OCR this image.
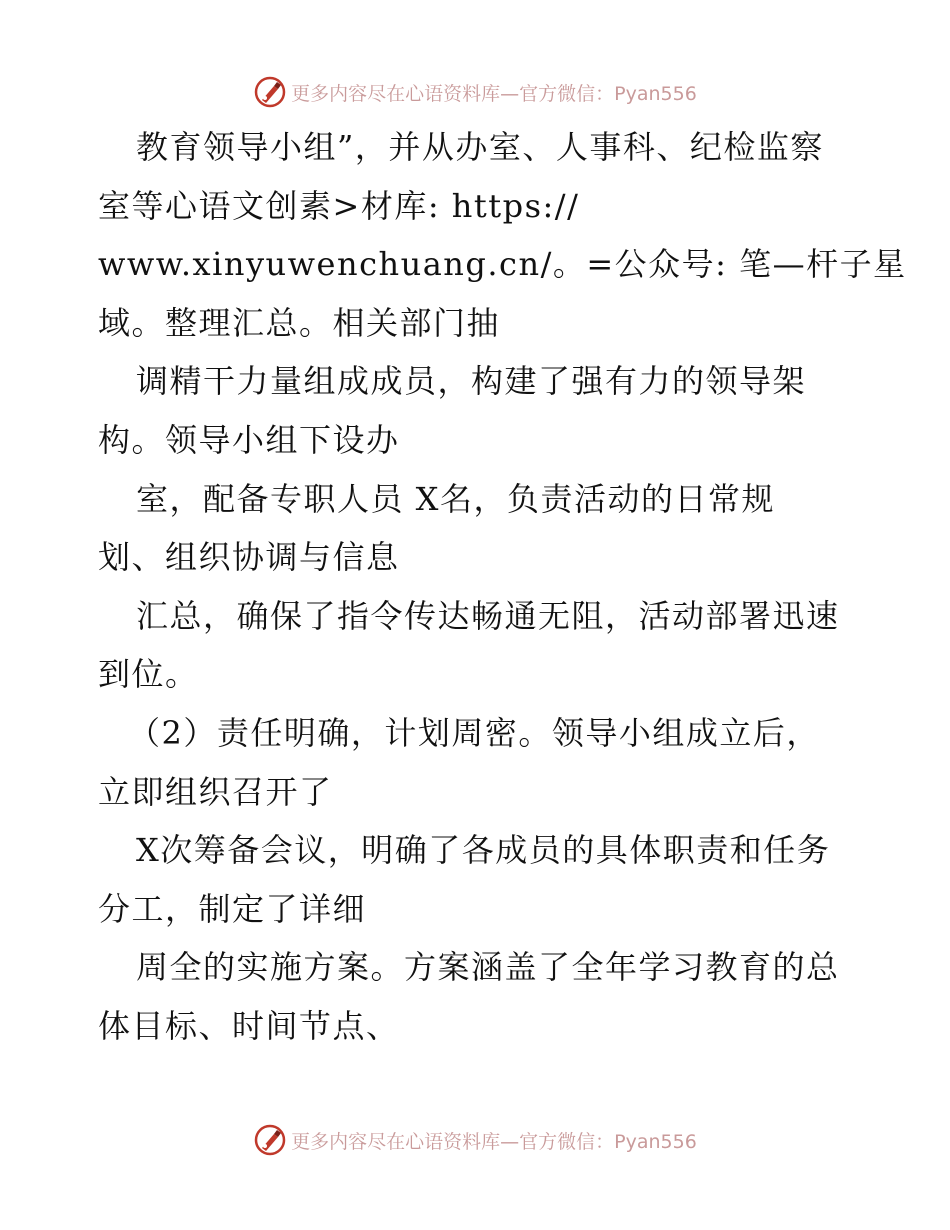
更多内容尽在心语资料库—官方微信：Pyan556
教育领导小组”，并从办室、人事科、纪检监察
室等心语文创素>材库: https://
www.xinyuwenchuang.cn/。=公众号: 笔—杆子星
域。整理汇总。相关部门抽
调精干力量组成成员，构建了强有力的领导架
构。领导小组下设办
室，配备专职人员 X名，负责活动的日常规
划、组织协调与信息
汇总，确保了指令传达畅通无阻，活动部署迅速
到位。
（2）责任明确，计划周密。领导小组成立后，
立即组织召开了
X次筹备会议，明确了各成员的具体职责和任务
分工，制定了详细
周全的实施方案。方案涵盖了全年学习教育的总
体目标、时间节点、
更多内容尽在心语资料库—官方微信：Pyan556
